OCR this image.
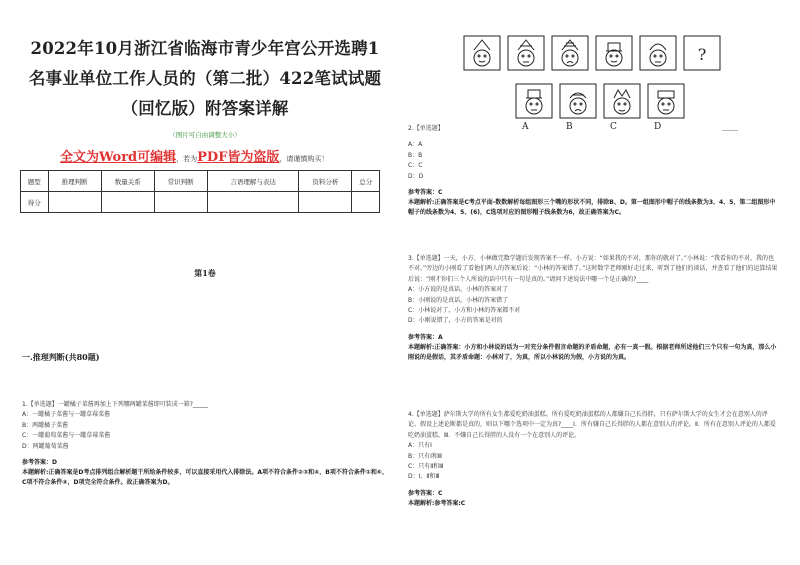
2022年10月浙江省临海市青少年宫公开选聘1
名事业单位工作人员的（第二批）422笔试试题
（回忆版）附答案详解
（图片可自由调整大小）
全文为Word可编辑，若为PDF皆为盗版，请谨慎购买！
题型	推理判断	数量关系	常识判断	言语理解与表达	资料分析	总分
得分						
第1卷
一.推理判断(共80题)

1.【单选题】一罐橘子菜酱再加上下列哪两罐菜酱即可装成一箱?_____

A：一罐橘子菜酱与一罐草莓菜酱

B：两罐橘子菜酱

C：一罐葡萄菜酱与一罐草莓菜酱

D：两罐葡萄菜酱

参考答案：D

本题解析:正确答案是D考点排列组合解析题干所给条件较多，可以直接采用代入排除法。A项不符合条件②③和④，B项不符合条件①和⑥，C项不符合条件④，D项完全符合条件。故正确答案为D。

?
A	B	C	D	____

2.【单选题】

A：A

B：B

C：C

D：D

参考答案：C

本题解析:正确答案是C考点平面-数数解析每组图形三个嘴的形状不同，排除B、D。第一组图形中帽子的线条数为3、4、5，第二组图形中帽子的线条数为4、5、(6)，C选项对应的图形帽子线条数为6，故正确答案为C。

3.【单选题】一天，小方、小林做完数学题后发现答案不一样。小方说：“如果我的不对，那你的就对了。”小林说：“我看你的不对，我的也不对。”旁边的小刚看了看他们两人的答案后说：“小林的答案错了。”这时数学老师刚好走过来，听到了他们的谈话，并查看了他们的运算结果后说：“刚才你们三个人所说的话中只有一句是真的。”请问下述说法中哪一个是正确的?____

A：小方说的是真话，小林的答案对了

B：小刚说的是真话，小林的答案错了

C：小林说对了，小方和小林的答案都不对

D：小刚说错了，小方的答案是对的

参考答案：A

本题解析:正确答案：小方和小林说的话为一对充分条件假言命题的矛盾命题，必有一真一假。根据老师所述他们三个只有一句为真，那么小刚说的是假话，其矛盾命题：小林对了，为真，所以小林说的为假，小方说的为真。

4.【单选题】萨尔斯大学的所有女生都爱吃奶油蛋糕。所有爱吃奶油蛋糕的人都嫌自己长得胖，只有萨尔斯大学的女生才会在意别人的评论。假设上述论断都是真的，则以下哪个选项中一定为真?____Ⅰ．所有嫌自己长得胖的人都在意别人的评论。Ⅱ．所有在意别人评论的人都爱吃奶油蛋糕。Ⅲ．不嫌自己长得胖的人没有一个在意别人的评论。

A：只有Ⅰ

B：只有Ⅰ和Ⅲ

C：只有Ⅱ和Ⅲ

D：Ⅰ、Ⅱ和Ⅲ

参考答案：C

本题解析:参考答案:C
